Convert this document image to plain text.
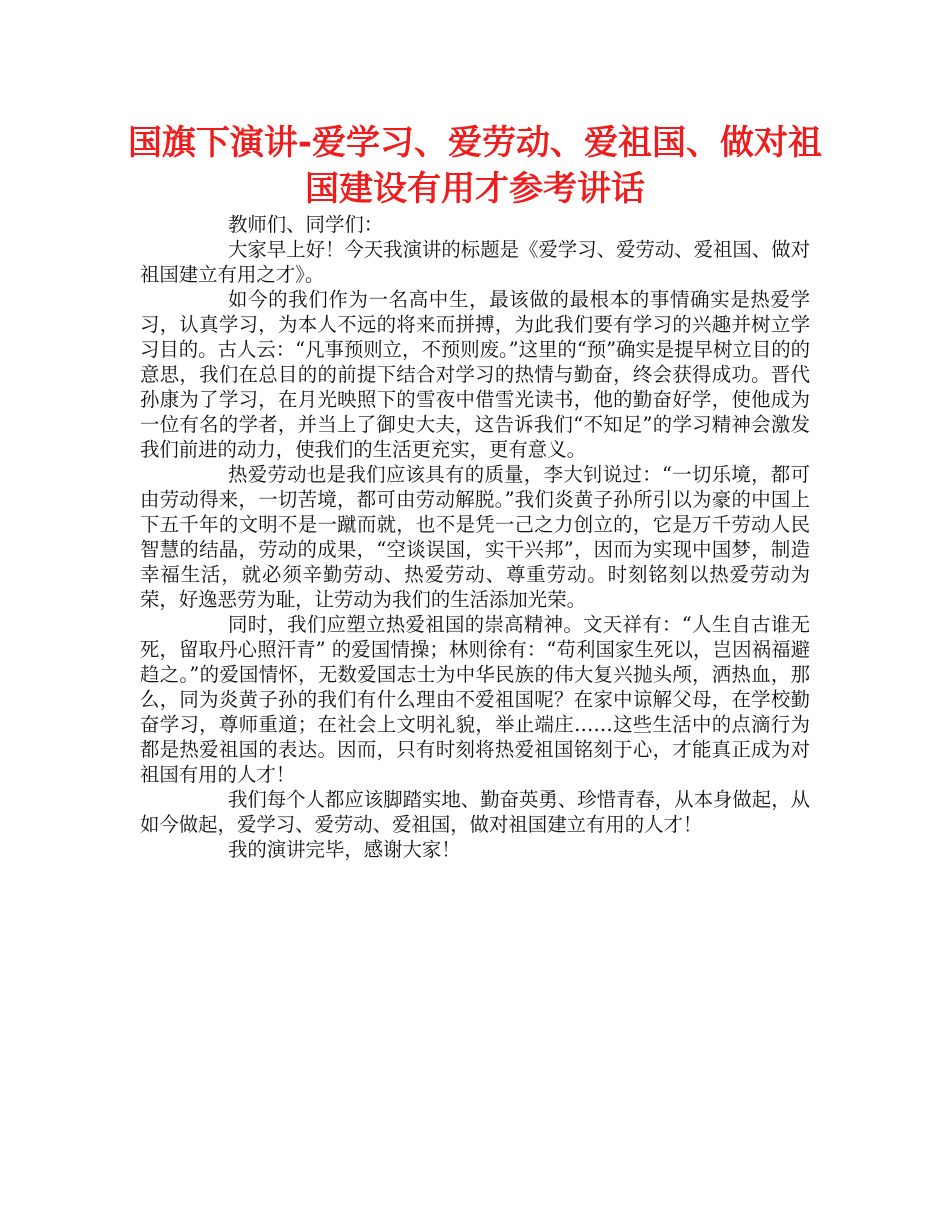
国旗下演讲-爱学习、爱劳动、爱祖国、做对祖国建设有用才参考讲话

教师们、同学们：

大家早上好！今天我演讲的标题是《爱学习、爱劳动、爱祖国、做对祖国建立有用之才》。

如今的我们作为一名高中生，最该做的最根本的事情确实是热爱学习，认真学习，为本人不远的将来而拼搏，为此我们要有学习的兴趣并树立学习目的。古人云：“凡事预则立，不预则废。”这里的“预”确实是提早树立目的的意思，我们在总目的的前提下结合对学习的热情与勤奋，终会获得成功。晋代孙康为了学习，在月光映照下的雪夜中借雪光读书，他的勤奋好学，使他成为一位有名的学者，并当上了御史大夫，这告诉我们“不知足”的学习精神会激发我们前进的动力，使我们的生活更充实，更有意义。

热爱劳动也是我们应该具有的质量，李大钊说过：“一切乐境，都可由劳动得来，一切苦境，都可由劳动解脱。”我们炎黄子孙所引以为豪的中国上下五千年的文明不是一蹴而就，也不是凭一己之力创立的，它是万千劳动人民智慧的结晶，劳动的成果，“空谈误国，实干兴邦”，因而为实现中国梦，制造幸福生活，就必须辛勤劳动、热爱劳动、尊重劳动。时刻铭刻以热爱劳动为荣，好逸恶劳为耻，让劳动为我们的生活添加光荣。

同时，我们应塑立热爱祖国的崇高精神。文天祥有：“人生自古谁无死，留取丹心照汗青” 的爱国情操；林则徐有：“苟利国家生死以，岂因祸福避趋之。”的爱国情怀，无数爱国志士为中华民族的伟大复兴抛头颅，洒热血，那么，同为炎黄子孙的我们有什么理由不爱祖国呢？在家中谅解父母，在学校勤奋学习，尊师重道；在社会上文明礼貌，举止端庄……这些生活中的点滴行为都是热爱祖国的表达。因而，只有时刻将热爱祖国铭刻于心，才能真正成为对祖国有用的人才！

我们每个人都应该脚踏实地、勤奋英勇、珍惜青春，从本身做起，从如今做起，爱学习、爱劳动、爱祖国，做对祖国建立有用的人才！

我的演讲完毕，感谢大家！
